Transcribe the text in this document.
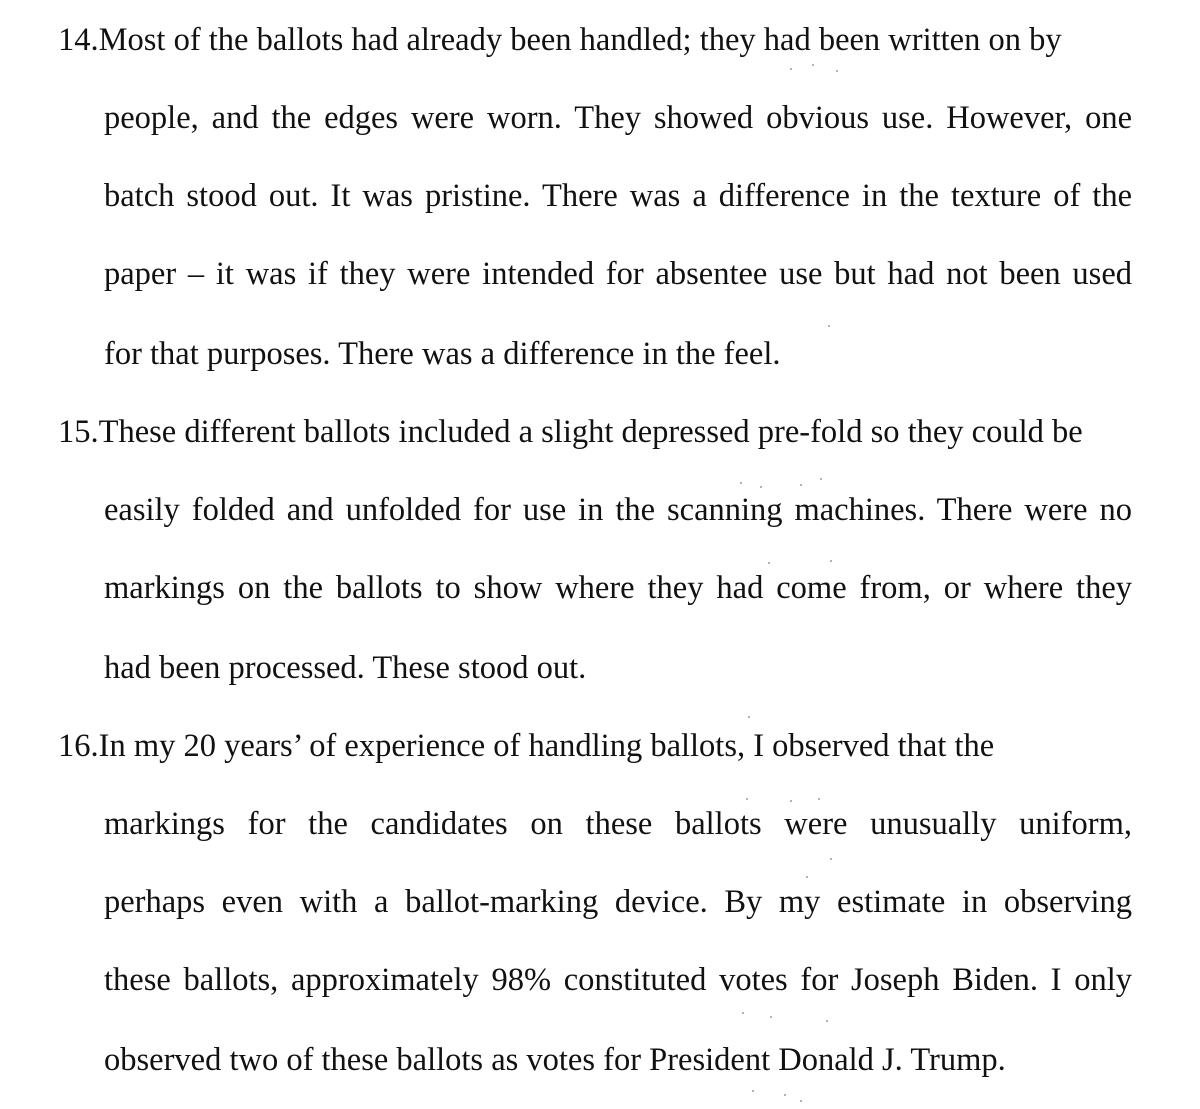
14.Most of the ballots had already been handled; they had been written on by
people, and the edges were worn. They showed obvious use. However, one
batch stood out. It was pristine. There was a difference in the texture of the
paper – it was if they were intended for absentee use but had not been used
for that purposes. There was a difference in the feel.
15.These different ballots included a slight depressed pre-fold so they could be
easily folded and unfolded for use in the scanning machines. There were no
markings on the ballots to show where they had come from, or where they
had been processed. These stood out.
16.In my 20 years’ of experience of handling ballots, I observed that the
markings for the candidates on these ballots were unusually uniform,
perhaps even with a ballot-marking device. By my estimate in observing
these ballots, approximately 98% constituted votes for Joseph Biden. I only
observed two of these ballots as votes for President Donald J. Trump.
